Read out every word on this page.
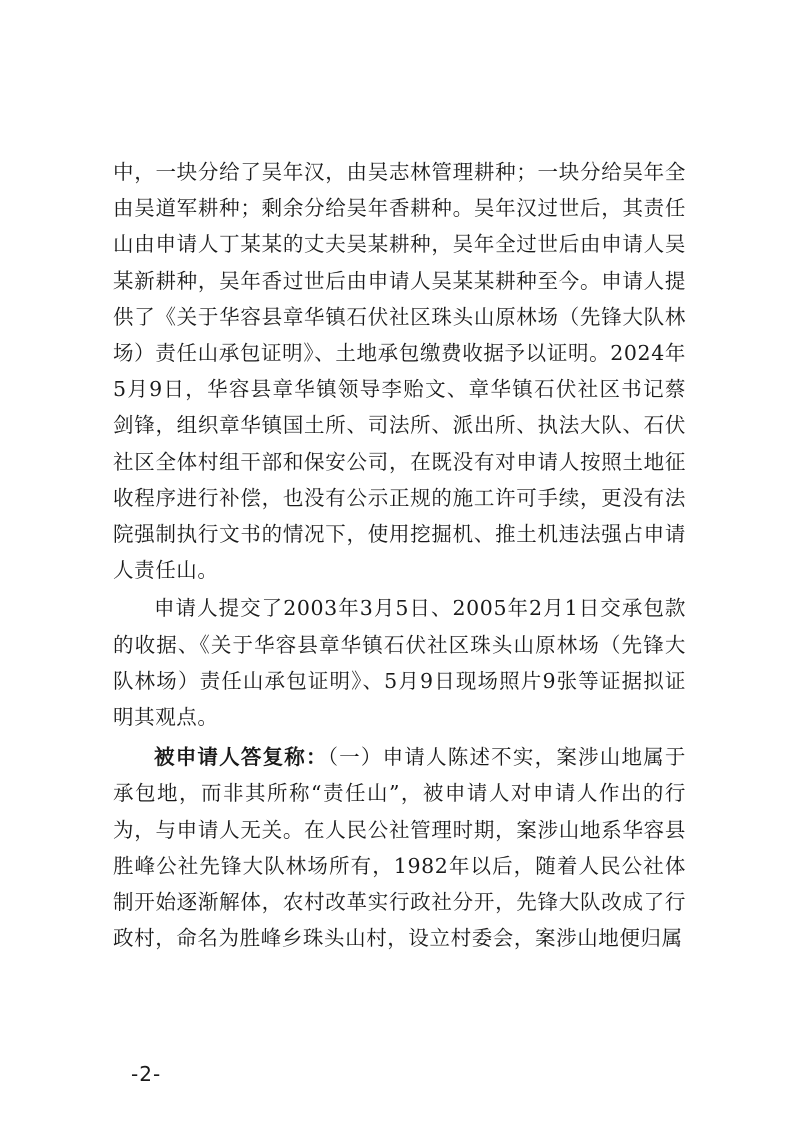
中，一块分给了吴年汉，由吴志林管理耕种；一块分给吴年全由吴道军耕种；剩余分给吴年香耕种。吴年汉过世后，其责任山由申请人丁某某的丈夫吴某耕种，吴年全过世后由申请人吴某新耕种，吴年香过世后由申请人吴某某耕种至今。申请人提供了《关于华容县章华镇石伏社区珠头山原林场（先锋大队林场）责任山承包证明》、土地承包缴费收据予以证明。2024年5月9日，华容县章华镇领导李贻文、章华镇石伏社区书记蔡剑锋，组织章华镇国土所、司法所、派出所、执法大队、石伏社区全体村组干部和保安公司，在既没有对申请人按照土地征收程序进行补偿，也没有公示正规的施工许可手续，更没有法院强制执行文书的情况下，使用挖掘机、推土机违法强占申请人责任山。

申请人提交了2003年3月5日、2005年2月1日交承包款的收据、《关于华容县章华镇石伏社区珠头山原林场（先锋大队林场）责任山承包证明》、5月9日现场照片9张等证据拟证明其观点。

被申请人答复称：（一）申请人陈述不实，案涉山地属于承包地，而非其所称“责任山”，被申请人对申请人作出的行为，与申请人无关。在人民公社管理时期，案涉山地系华容县胜峰公社先锋大队林场所有，1982年以后，随着人民公社体制开始逐渐解体，农村改革实行政社分开，先锋大队改成了行政村，命名为胜峰乡珠头山村，设立村委会，案涉山地便归属

-2-
